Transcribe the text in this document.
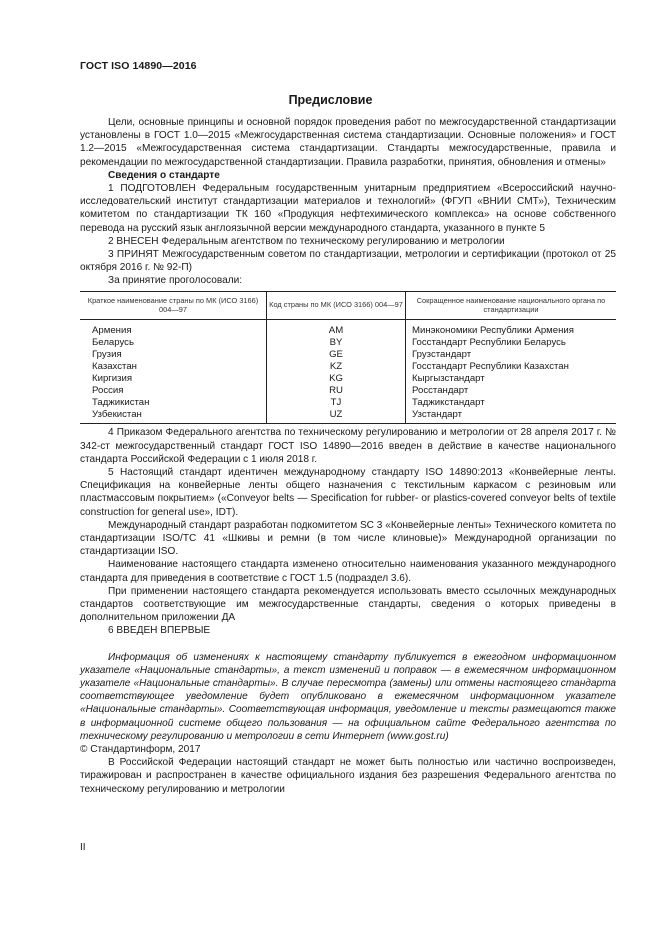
ГОСТ ISO 14890—2016
Предисловие

Цели, основные принципы и основной порядок проведения работ по межгосударственной стандартизации установлены в ГОСТ 1.0—2015 «Межгосударственная система стандартизации. Основные положения» и ГОСТ 1.2—2015 «Межгосударственная система стандартизации. Стандарты межгосударственные, правила и рекомендации по межгосударственной стандартизации. Правила разработки, принятия, обновления и отмены»

Сведения о стандарте

1 ПОДГОТОВЛЕН Федеральным государственным унитарным предприятием «Всероссийский научно-исследовательский институт стандартизации материалов и технологий» (ФГУП «ВНИИ СМТ»), Техническим комитетом по стандартизации ТК 160 «Продукция нефтехимического комплекса» на основе собственного перевода на русский язык англоязычной версии международного стандарта, указанного в пункте 5

2 ВНЕСЕН Федеральным агентством по техническому регулированию и метрологии

3 ПРИНЯТ Межгосударственным советом по стандартизации, метрологии и сертификации (протокол от 25 октября 2016 г. № 92-П)

За принятие проголосовали:

Краткое наименование страны по МК (ИСО 3166) 004—97	Код страны по МК (ИСО 3166) 004—97	Сокращенное наименование национального органа по стандартизации
Армения	AM	Минэкономики Республики Армения
Беларусь	BY	Госстандарт Республики Беларусь
Грузия	GE	Грузстандарт
Казахстан	KZ	Госстандарт Республики Казахстан
Киргизия	KG	Кыргызстандарт
Россия	RU	Росстандарт
Таджикистан	TJ	Таджикстандарт
Узбекистан	UZ	Узстандарт

4 Приказом Федерального агентства по техническому регулированию и метрологии от 28 апреля 2017 г. № 342-ст межгосударственный стандарт ГОСТ ISO 14890—2016 введен в действие в качестве национального стандарта Российской Федерации с 1 июля 2018 г.

5 Настоящий стандарт идентичен международному стандарту ISO 14890:2013 «Конвейерные ленты. Спецификация на конвейерные ленты общего назначения с текстильным каркасом с резиновым или пластмассовым покрытием» («Conveyor belts — Specification for rubber- or plastics-covered conveyor belts of textile construction for general use», IDT).

Международный стандарт разработан подкомитетом SC 3 «Конвейерные ленты» Технического комитета по стандартизации ISO/TC 41 «Шкивы и ремни (в том числе клиновые)» Международной организации по стандартизации ISO.

Наименование настоящего стандарта изменено относительно наименования указанного международного стандарта для приведения в соответствие с ГОСТ 1.5 (подраздел 3.6).

При применении настоящего стандарта рекомендуется использовать вместо ссылочных международных стандартов соответствующие им межгосударственные стандарты, сведения о которых приведены в дополнительном приложении ДА

6 ВВЕДЕН ВПЕРВЫЕ

Информация об изменениях к настоящему стандарту публикуется в ежегодном информационном указателе «Национальные стандарты», а текст изменений и поправок — в ежемесячном информационном указателе «Национальные стандарты». В случае пересмотра (замены) или отмены настоящего стандарта соответствующее уведомление будет опубликовано в ежемесячном информационном указателе «Национальные стандарты». Соответствующая информация, уведомление и тексты размещаются также в информационной системе общего пользования — на официальном сайте Федерального агентства по техническому регулированию и метрологии в сети Интернет (www.gost.ru)

© Стандартинформ, 2017

В Российской Федерации настоящий стандарт не может быть полностью или частично воспроизведен, тиражирован и распространен в качестве официального издания без разрешения Федерального агентства по техническому регулированию и метрологии

II
